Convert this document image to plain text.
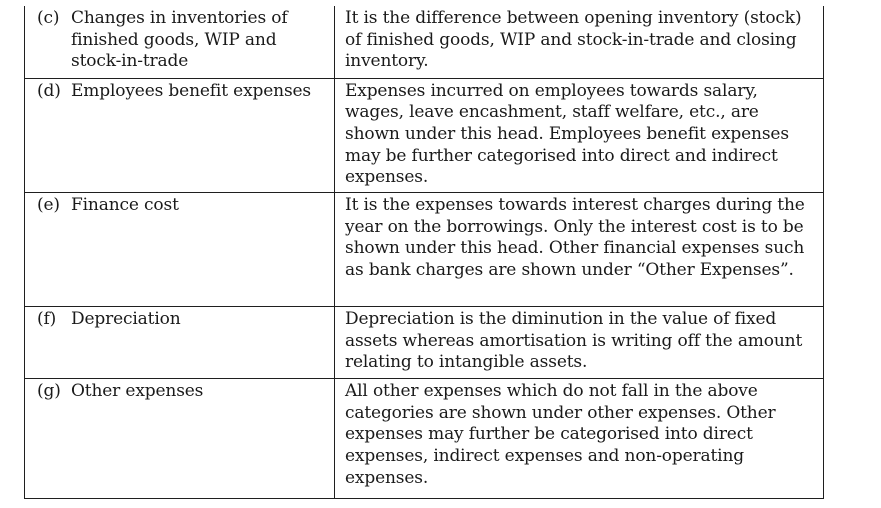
(c) Changes in inventories of finished goods, WIP and stock-in-trade	It is the difference between opening inventory (stock) of finished goods, WIP and stock-in-trade and closing inventory.

(d) Employees benefit expenses	Expenses incurred on employees towards salary, wages, leave encashment, staff welfare, etc., are shown under this head. Employees benefit expenses may be further categorised into direct and indirect expenses.

(e) Finance cost	It is the expenses towards interest charges during the year on the borrowings. Only the interest cost is to be shown under this head. Other financial expenses such as bank charges are shown under “Other Expenses”.

(f) Depreciation	Depreciation is the diminution in the value of fixed assets whereas amortisation is writing off the amount relating to intangible assets.

(g) Other expenses	All other expenses which do not fall in the above categories are shown under other expenses. Other expenses may further be categorised into direct expenses, indirect expenses and non-operating expenses.
